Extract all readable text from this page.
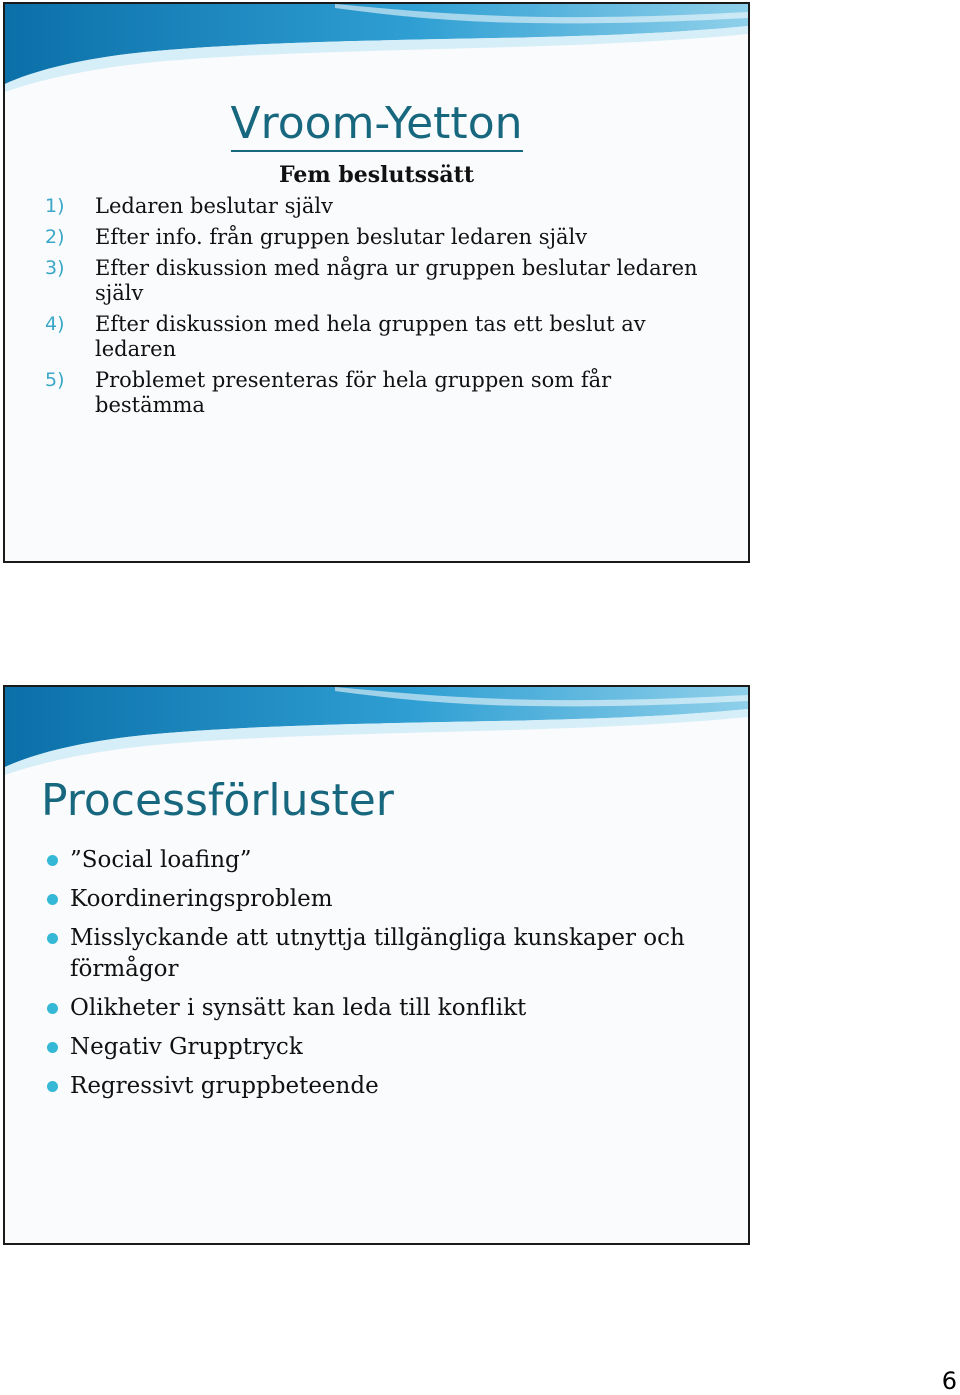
Vroom-Yetton
Fem beslutssätt
1) Ledaren beslutar själv
2) Efter info. från gruppen beslutar ledaren själv
3) Efter diskussion med några ur gruppen beslutar ledaren själv
4) Efter diskussion med hela gruppen tas ett beslut av ledaren
5) Problemet presenteras för hela gruppen som får bestämma
Processförluster
”Social loafing”
Koordineringsproblem
Misslyckande att utnyttja tillgängliga kunskaper och förmågor
Olikheter i synsätt kan leda till konflikt
Negativ Grupptryck
Regressivt gruppbeteende
6
